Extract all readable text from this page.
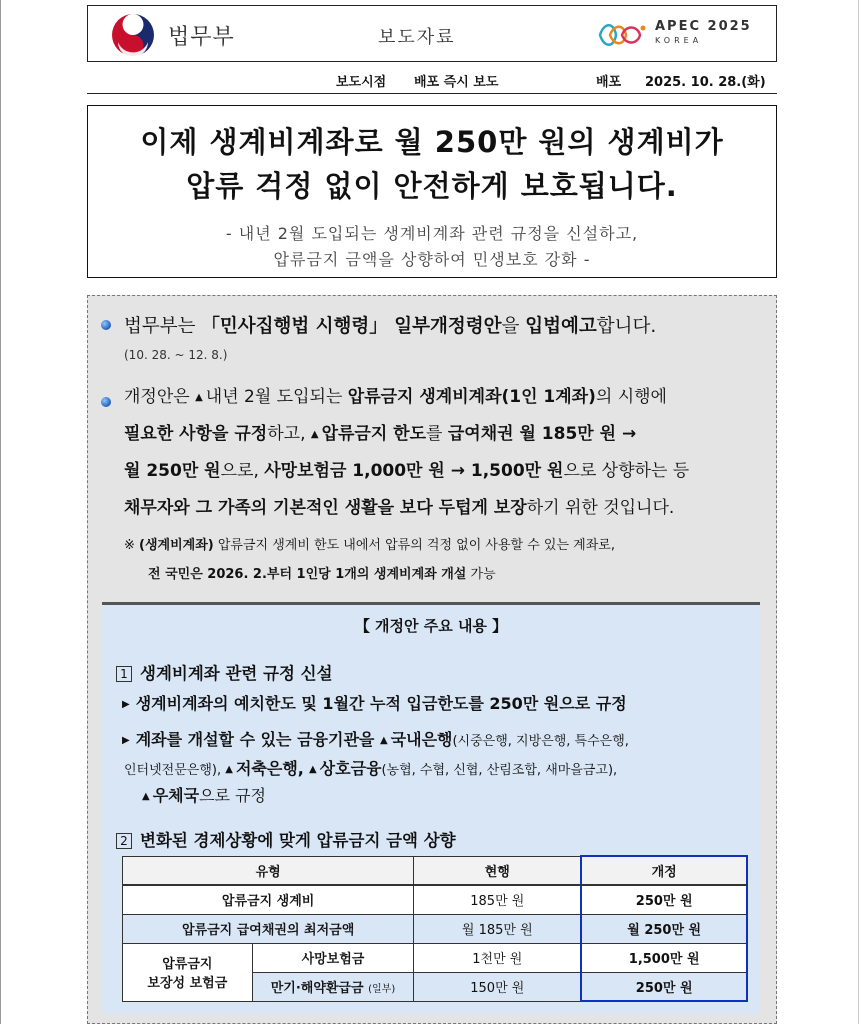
법무부	보도자료
APEC 2025
KOREA
보도시점 배포 즉시 보도	배포 2025. 10. 28.(화)
이제 생계비계좌로 월 250만 원의 생계비가
압류 걱정 없이 안전하게 보호됩니다.
- 내년 2월 도입되는 생계비계좌 관련 규정을 신설하고,
압류금지 금액을 상향하여 민생보호 강화 -
법무부는 「민사집행법 시행령」 일부개정령안을 입법예고합니다.
(10. 28. ~ 12. 8.)
개정안은 ▲ 내년 2월 도입되는 압류금지 생계비계좌(1인 1계좌)의 시행에
필요한 사항을 규정하고, ▲ 압류금지 한도를 급여채권 월 185만 원 →
월 250만 원으로, 사망보험금 1,000만 원 → 1,500만 원으로 상향하는 등
채무자와 그 가족의 기본적인 생활을 보다 두텁게 보장하기 위한 것입니다.
※ (생계비계좌) 압류금지 생계비 한도 내에서 압류의 걱정 없이 사용할 수 있는 계좌로,
전 국민은 2026. 2.부터 1인당 1개의 생계비계좌 개설 가능
【 개정안 주요 내용 】
1 생계비계좌 관련 규정 신설
▶ 생계비계좌의 예치한도 및 1월간 누적 입금한도를 250만 원으로 규정
▶ 계좌를 개설할 수 있는 금융기관을 ▲ 국내은행(시중은행, 지방은행, 특수은행,
인터넷전문은행), ▲ 저축은행, ▲ 상호금융(농협, 수협, 신협, 산림조합, 새마을금고),
▲ 우체국으로 규정
2 변화된 경제상황에 맞게 압류금지 금액 상향
유형		현행	개정
압류금지 생계비		185만 원	250만 원
압류금지 급여채권의 최저금액		월 185만 원	월 250만 원

압류금지
보장성 보험금	사망보험금	1천만 원	1,500만 원
	만기·해약환급금 (일부)	150만 원	250만 원
